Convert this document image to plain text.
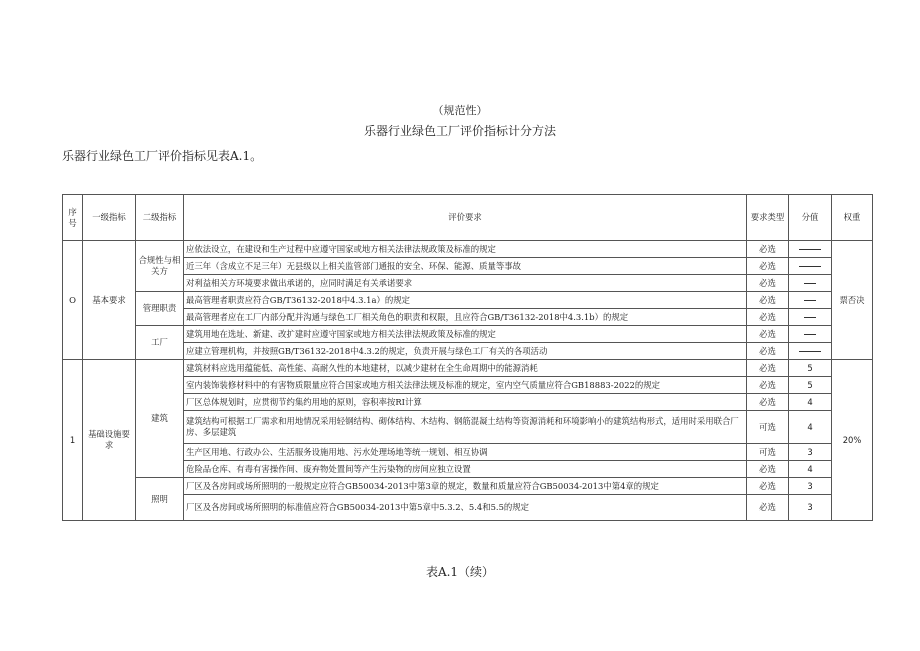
（规范性）
乐器行业绿色工厂评价指标计分方法
乐器行业绿色工厂评价指标见表A.1。
序号	一级指标	二级指标	评价要求	要求类型	分值	权重
O	基本要求	合规性与相关方	应依法设立，在建设和生产过程中应遵守国家或地方相关法律法规政策及标准的规定	必选		票否决
			近三年（含成立不足三年）无县级以上相关监管部门通报的安全、环保、能源、质量等事故	必选		
			对利益相关方环境要求做出承诺的，应同时满足有关承诺要求	必选		
		管理职责	最高管理者职责应符合GB/T36132-2018中4.3.1a）的规定	必选		
			最高管理者应在工厂内部分配并沟通与绿色工厂相关角色的职责和权限，且应符合GB/T36132-2018中4.3.1b）的规定	必选		
		工厂	建筑用地在选址、新建、改扩建时应遵守国家或地方相关法律法规政策及标准的规定	必选		
			应建立管理机构，并按照GB/T36132-2018中4.3.2的规定，负责开展与绿色工厂有关的各项活动	必选		
1	基础设施要求	建筑	建筑材料应选用蕴能低、高性能、高耐久性的本地建材，以减少建材在全生命周期中的能源消耗	必选	5	20%
			室内装饰装修材料中的有害物质限量应符合国家或地方相关法律法规及标准的规定，室内空气质量应符合GB18883-2022的规定	必选	5	
			厂区总体规划时，应贯彻节约集约用地的原则，容积率按RI计算	必选	4	
			建筑结构可根据工厂需求和用地情况采用轻钢结构、砌体结构、木结构、钢筋混凝土结构等资源消耗和环境影响小的建筑结构形式，适用时采用联合厂房、多层建筑	可选	4	
			生产区用地、行政办公、生活服务设施用地、污水处理场地等统一规划、相互协调	可选	3	
			危险品仓库、有毒有害操作间、废弃物处置间等产生污染物的房间应独立设置	必选	4	
		照明	厂区及各房间或场所照明的一般规定应符合GB50034-2013中第3章的规定，数量和质量应符合GB50034-2013中第4章的规定	必选	3	
			厂区及各房间或场所照明的标准值应符合GB50034-2013中第5章中5.3.2、5.4和5.5的规定	必选	3	
表A.1（续）
